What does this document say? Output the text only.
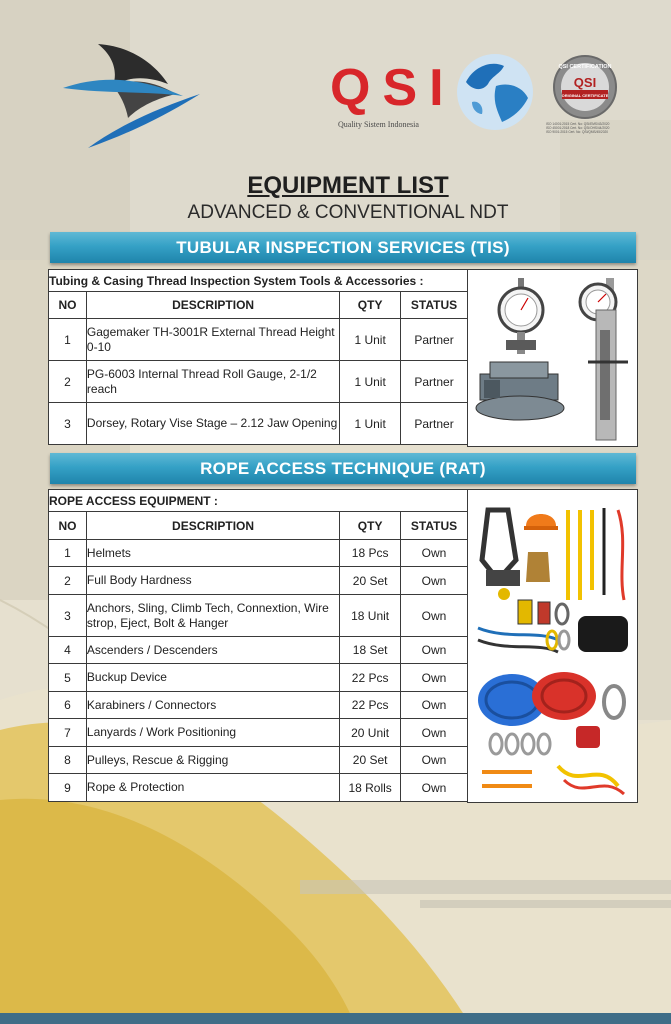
QSI
Quality Sistem Indonesia
QSI CERTIFICATION
QSI
ORIGINAL CERTIFICATE
ISO 14001:2015 Cert. No: QSI/EMS/43/2020
ISO 45001:2018 Cert. No: QSI/OHS/44/2020
ISO 9001:2015 Cert. No: QSI/QMS/45/2020
EQUIPMENT LIST
ADVANCED & CONVENTIONAL NDT
TUBULAR INSPECTION SERVICES (TIS)
Tubing & Casing Thread Inspection System Tools & Accessories :			
NO	DESCRIPTION	QTY	STATUS
1	Gagemaker TH-3001R External Thread Height 0-10	1 Unit	Partner
2	PG-6003 Internal Thread Roll Gauge, 2-1/2 reach	1 Unit	Partner
3	Dorsey, Rotary Vise Stage – 2.12 Jaw Opening	1 Unit	Partner
ROPE ACCESS TECHNIQUE (RAT)
ROPE ACCESS EQUIPMENT :			
NO	DESCRIPTION	QTY	STATUS
1	Helmets	18 Pcs	Own
2	Full Body Hardness	20 Set	Own
3	Anchors, Sling, Climb Tech, Connextion, Wire strop, Eject, Bolt & Hanger	18 Unit	Own
4	Ascenders / Descenders	18 Set	Own
5	Buckup Device	22 Pcs	Own
6	Karabiners / Connectors	22 Pcs	Own
7	Lanyards / Work Positioning	20 Unit	Own
8	Pulleys, Rescue & Rigging	20 Set	Own
9	Rope & Protection	18 Rolls	Own
